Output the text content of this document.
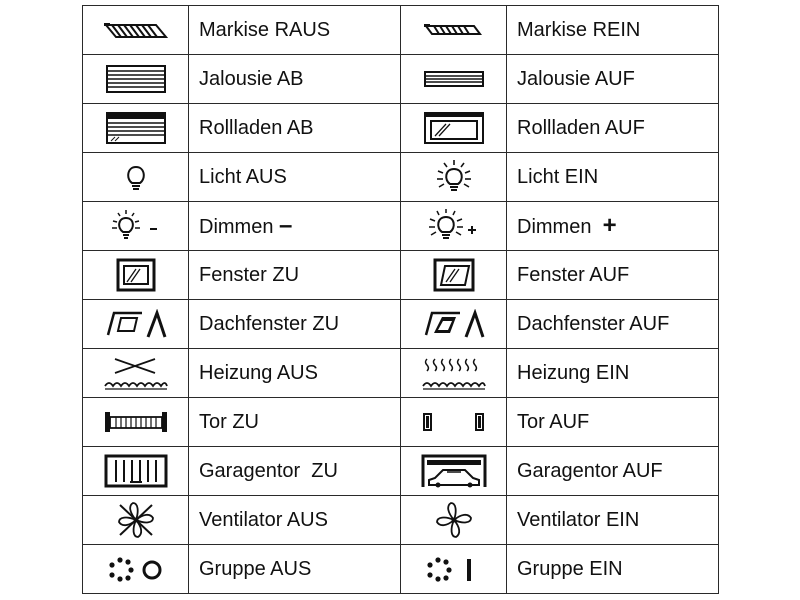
	Markise RAUS		Markise REIN

	Jalousie AB		Jalousie AUF

	Rollladen AB		Rollladen AUF

	Licht AUS		Licht EIN

	Dimmen –		Dimmen  +

	Fenster ZU		Fenster AUF

	Dachfenster ZU		Dachfenster AUF

	Heizung AUS		Heizung EIN

	Tor ZU		Tor AUF

	Garagentor  ZU		Garagentor AUF

	Ventilator AUS		Ventilator EIN

	Gruppe AUS		Gruppe EIN
